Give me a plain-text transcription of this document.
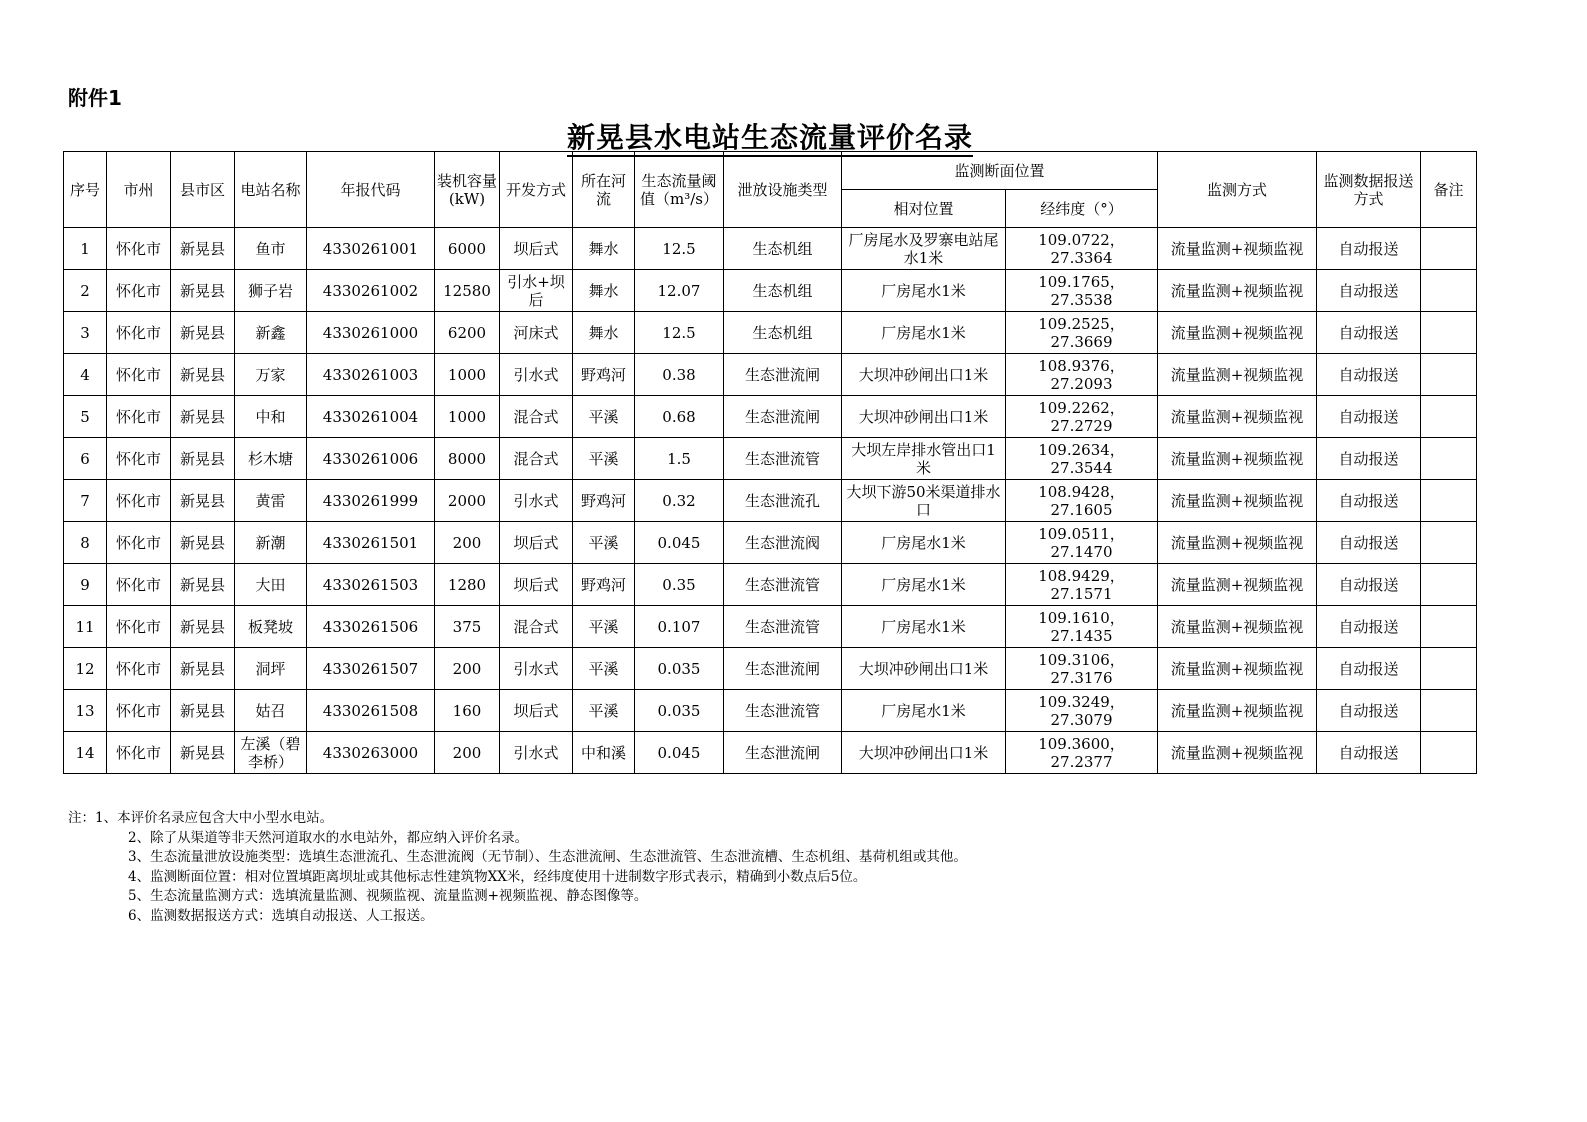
附件1
新晃县水电站生态流量评价名录
序号	市州	县市区	电站名称	年报代码	装机容量(kW)	开发方式	所在河流	生态流量阈值（m³/s）	泄放设施类型	监测断面位置		监测方式	监测数据报送方式	备注
										相对位置	经纬度（°）			
1	怀化市	新晃县	鱼市	4330261001	6000	坝后式	舞水	12.5	生态机组	厂房尾水及罗寨电站尾水1米	109.0722，27.3364	流量监测+视频监视	自动报送	
2	怀化市	新晃县	狮子岩	4330261002	12580	引水+坝后	舞水	12.07	生态机组	厂房尾水1米	109.1765，27.3538	流量监测+视频监视	自动报送	
3	怀化市	新晃县	新鑫	4330261000	6200	河床式	舞水	12.5	生态机组	厂房尾水1米	109.2525，27.3669	流量监测+视频监视	自动报送	
4	怀化市	新晃县	万家	4330261003	1000	引水式	野鸡河	0.38	生态泄流闸	大坝冲砂闸出口1米	108.9376，27.2093	流量监测+视频监视	自动报送	
5	怀化市	新晃县	中和	4330261004	1000	混合式	平溪	0.68	生态泄流闸	大坝冲砂闸出口1米	109.2262，27.2729	流量监测+视频监视	自动报送	
6	怀化市	新晃县	杉木塘	4330261006	8000	混合式	平溪	1.5	生态泄流管	大坝左岸排水管出口1米	109.2634，27.3544	流量监测+视频监视	自动报送	
7	怀化市	新晃县	黄雷	4330261999	2000	引水式	野鸡河	0.32	生态泄流孔	大坝下游50米渠道排水口	108.9428，27.1605	流量监测+视频监视	自动报送	
8	怀化市	新晃县	新潮	4330261501	200	坝后式	平溪	0.045	生态泄流阀	厂房尾水1米	109.0511，27.1470	流量监测+视频监视	自动报送	
9	怀化市	新晃县	大田	4330261503	1280	坝后式	野鸡河	0.35	生态泄流管	厂房尾水1米	108.9429，27.1571	流量监测+视频监视	自动报送	
11	怀化市	新晃县	板凳坡	4330261506	375	混合式	平溪	0.107	生态泄流管	厂房尾水1米	109.1610，27.1435	流量监测+视频监视	自动报送	
12	怀化市	新晃县	洞坪	4330261507	200	引水式	平溪	0.035	生态泄流闸	大坝冲砂闸出口1米	109.3106，27.3176	流量监测+视频监视	自动报送	
13	怀化市	新晃县	姑召	4330261508	160	坝后式	平溪	0.035	生态泄流管	厂房尾水1米	109.3249，27.3079	流量监测+视频监视	自动报送	
14	怀化市	新晃县	左溪（碧李桥）	4330263000	200	引水式	中和溪	0.045	生态泄流闸	大坝冲砂闸出口1米	109.3600，27.2377	流量监测+视频监视	自动报送	
注：1、本评价名录应包含大中小型水电站。
2、除了从渠道等非天然河道取水的水电站外，都应纳入评价名录。
3、生态流量泄放设施类型：选填生态泄流孔、生态泄流阀（无节制）、生态泄流闸、生态泄流管、生态泄流槽、生态机组、基荷机组或其他。
4、监测断面位置：相对位置填距离坝址或其他标志性建筑物XX米，经纬度使用十进制数字形式表示，精确到小数点后5位。
5、生态流量监测方式：选填流量监测、视频监视、流量监测+视频监视、静态图像等。
6、监测数据报送方式：选填自动报送、人工报送。
